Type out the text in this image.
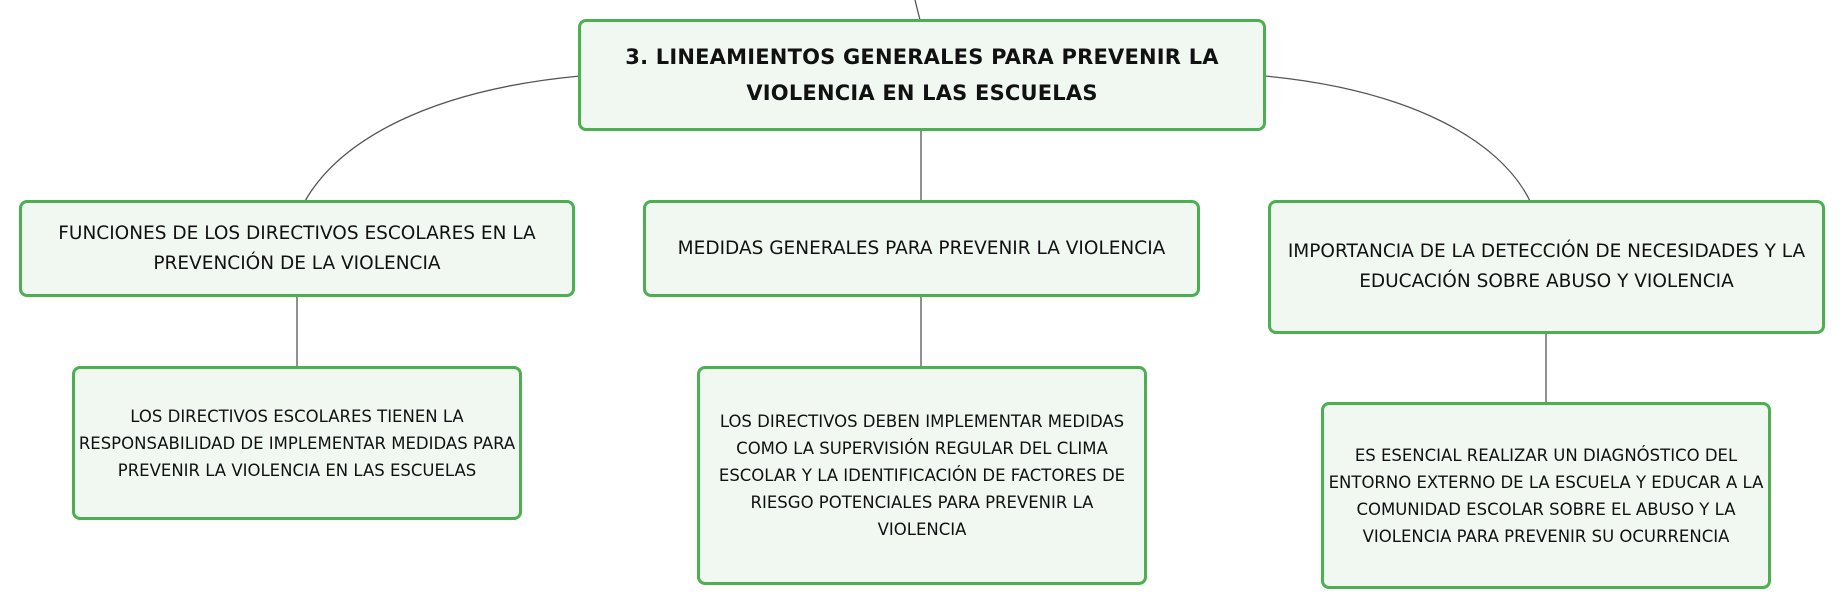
3. LINEAMIENTOS GENERALES PARA PREVENIR LA VIOLENCIA EN LAS ESCUELAS
FUNCIONES DE LOS DIRECTIVOS ESCOLARES EN LA PREVENCIÓN DE LA VIOLENCIA
MEDIDAS GENERALES PARA PREVENIR LA VIOLENCIA	IMPORTANCIA DE LA DETECCIÓN DE NECESIDADES Y LA EDUCACIÓN SOBRE ABUSO Y VIOLENCIA
LOS DIRECTIVOS ESCOLARES TIENEN LA RESPONSABILIDAD DE IMPLEMENTAR MEDIDAS PARA PREVENIR LA VIOLENCIA EN LAS ESCUELAS
LOS DIRECTIVOS DEBEN IMPLEMENTAR MEDIDAS COMO LA SUPERVISIÓN REGULAR DEL CLIMA ESCOLAR Y LA IDENTIFICACIÓN DE FACTORES DE RIESGO POTENCIALES PARA PREVENIR LA VIOLENCIA
ES ESENCIAL REALIZAR UN DIAGNÓSTICO DEL ENTORNO EXTERNO DE LA ESCUELA Y EDUCAR A LA COMUNIDAD ESCOLAR SOBRE EL ABUSO Y LA VIOLENCIA PARA PREVENIR SU OCURRENCIA
